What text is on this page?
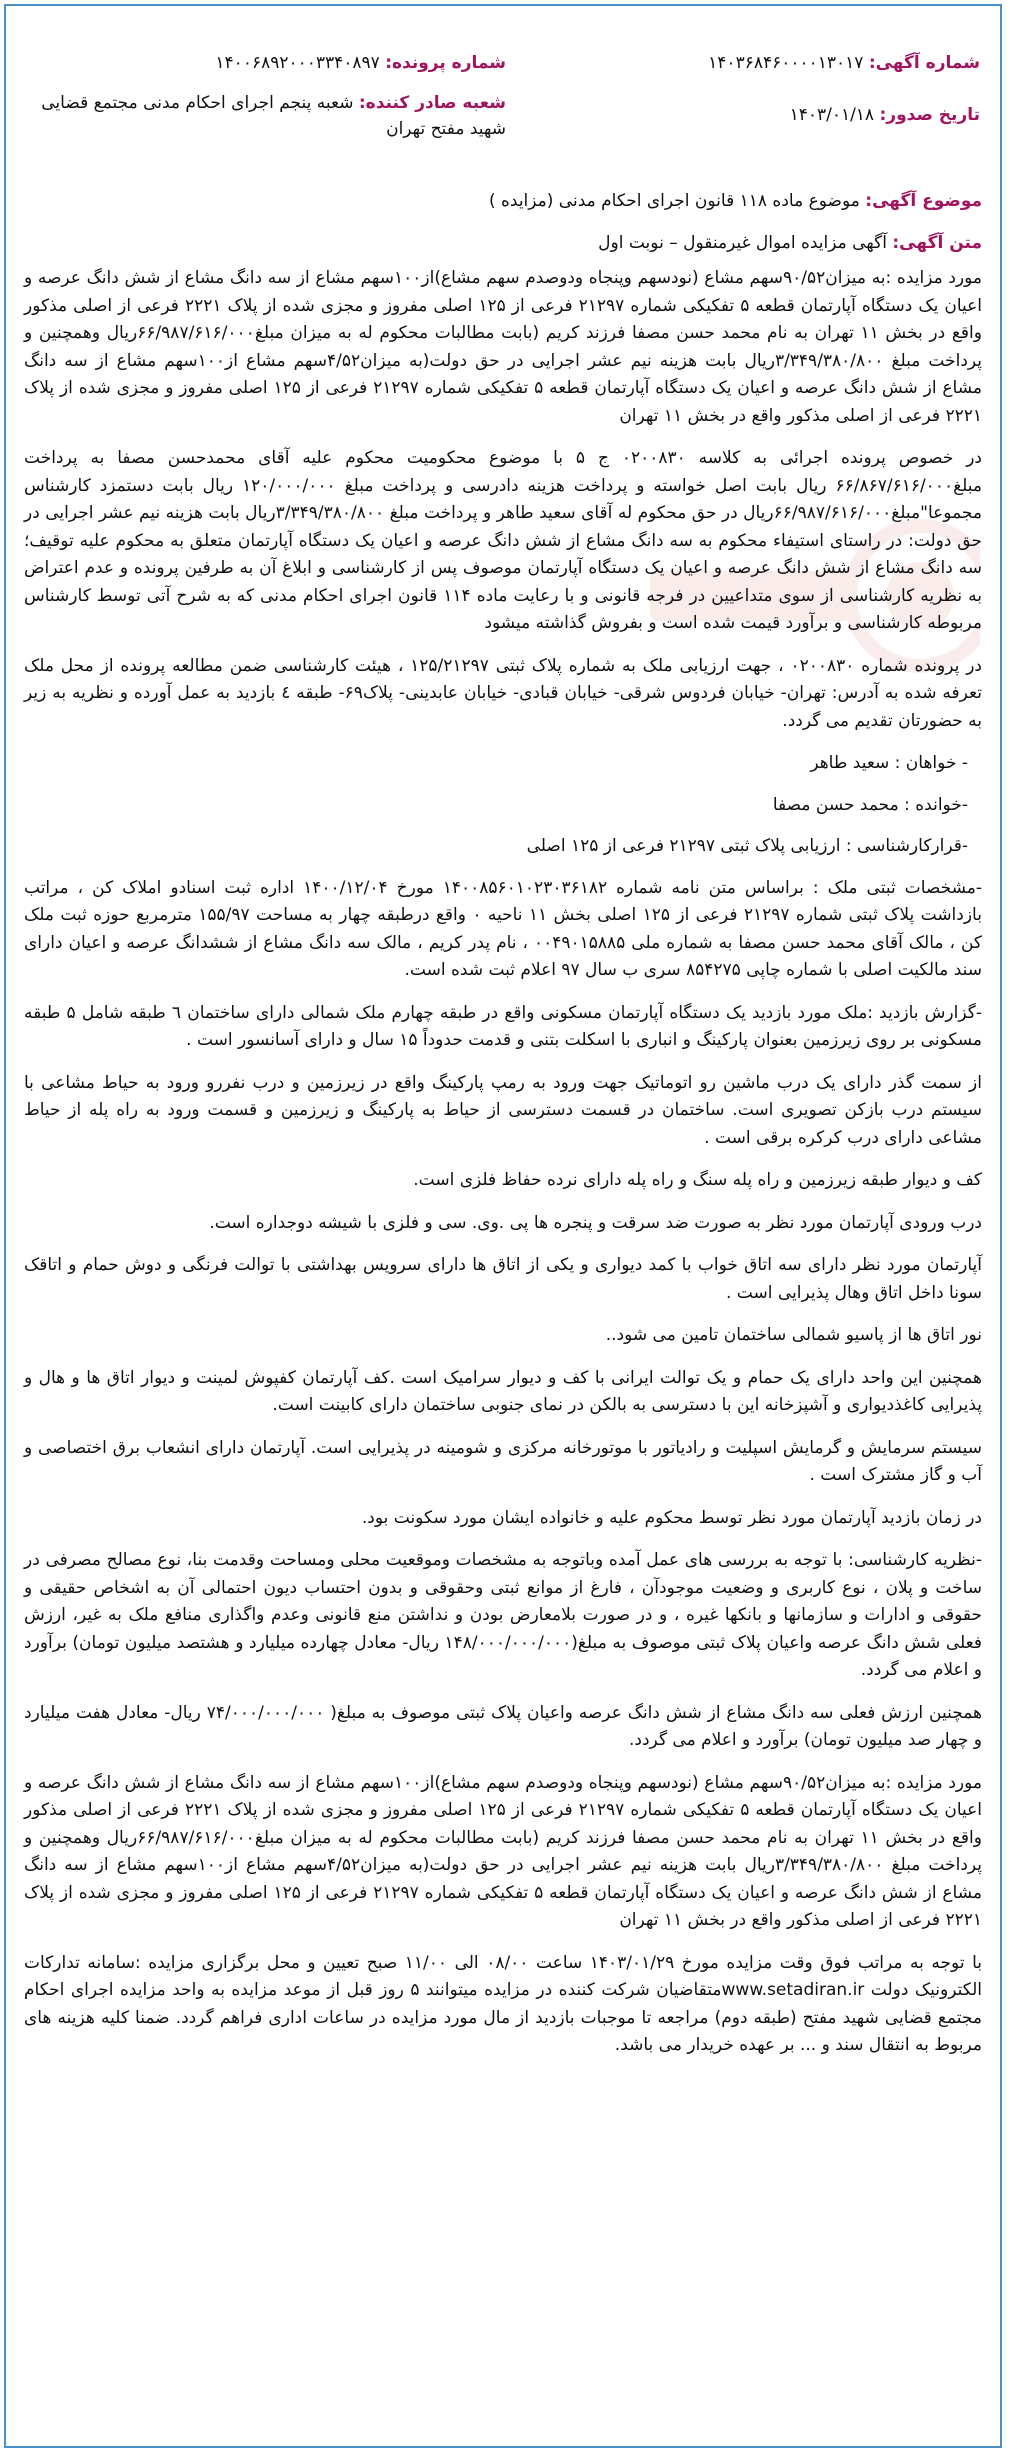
شماره آگهی: ۱۴۰۳۶۸۴۶۰۰۰۰۱۳۰۱۷
تاریخ صدور: ۱۴۰۳/۰۱/۱۸
شماره پرونده: ۱۴۰۰۶۸۹۲۰۰۰۳۳۴۰۸۹۷
شعبه صادر کننده: شعبه پنجم اجرای احکام مدنی مجتمع قضایی شهید مفتح تهران

موضوع آگهی: موضوع ماده ۱۱۸ قانون اجرای احکام مدنی (مزایده )

متن آگهی: آگهی مزایده اموال غیرمنقول – نوبت اول

مورد مزایده :به میزان۹۰/۵۲سهم مشاع (نودسهم وپنجاه ودوصدم سهم مشاع)از۱۰۰سهم مشاع از سه دانگ مشاع از شش دانگ عرصه و اعیان یک دستگاه آپارتمان قطعه ۵ تفکیکی شماره ۲۱۲۹۷ فرعی از ۱۲۵ اصلی مفروز و مجزی شده از پلاک ۲۲۲۱ فرعی از اصلی مذکور واقع در بخش ۱۱ تهران به نام محمد حسن مصفا فرزند کریم (بابت مطالبات محکوم له به میزان مبلغ۶۶/۹۸۷/۶۱۶/۰۰۰ریال وهمچنین و پرداخت مبلغ ۳/۳۴۹/۳۸۰/۸۰۰ریال بابت هزینه نیم عشر اجرایی در حق دولت(به میزان۴/۵۲سهم مشاع از۱۰۰سهم مشاع از سه دانگ مشاع از شش دانگ عرصه و اعیان یک دستگاه آپارتمان قطعه ۵ تفکیکی شماره ۲۱۲۹۷ فرعی از ۱۲۵ اصلی مفروز و مجزی شده از پلاک ۲۲۲۱ فرعی از اصلی مذکور واقع در بخش ۱۱ تهران

در خصوص پرونده اجرائی به کلاسه ۰۲۰۰۸۳۰ ج ۵ با موضوع محکومیت محکوم علیه آقای محمدحسن مصفا به پرداخت مبلغ۶۶/۸۶۷/۶۱۶/۰۰۰ ریال بابت اصل خواسته و پرداخت هزینه دادرسی و پرداخت مبلغ ۱۲۰/۰۰۰/۰۰۰ ریال بابت دستمزد کارشناس مجموعا"مبلغ۶۶/۹۸۷/۶۱۶/۰۰۰ریال در حق محکوم له آقای سعید طاهر و پرداخت مبلغ ۳/۳۴۹/۳۸۰/۸۰۰ریال بابت هزینه نیم عشر اجرایی در حق دولت: در راستای استیفاء محکوم به سه دانگ مشاع از شش دانگ عرصه و اعیان یک دستگاه آپارتمان متعلق به محکوم علیه توقیف؛ سه دانگ مشاع از شش دانگ عرصه و اعیان یک دستگاه آپارتمان موصوف پس از کارشناسی و ابلاغ آن به طرفین پرونده و عدم اعتراض به نظریه کارشناسی از سوی متداعیین در فرجه قانونی و با رعایت ماده ۱۱۴ قانون اجرای احکام مدنی که به شرح آتی توسط کارشناس مربوطه کارشناسی و برآورد قیمت شده است و بفروش گذاشته میشود

در پرونده شماره ۰۲۰۰۸۳۰ ، جهت ارزیابی ملک به شماره پلاک ثبتی ۱۲۵/۲۱۲۹۷ ، هیئت کارشناسی ضمن مطالعه پرونده از محل ملک تعرفه شده به آدرس: تهران- خیابان فردوس شرقی- خیابان قبادی- خیابان عابدینی- پلاک۶۹- طبقه ٤ بازدید به عمل آورده و نظریه به زیر به حضورتان تقدیم می گردد.

- خواهان : سعید طاهر

-خوانده : محمد حسن مصفا

-قرارکارشناسی : ارزیابی پلاک ثبتی ۲۱۲۹۷ فرعی از ۱۲۵ اصلی

-مشخصات ثبتی ملک : براساس متن نامه شماره ۱۴۰۰۸۵۶۰۱۰۲۳۰۳۶۱۸۲ مورخ ۱۴۰۰/۱۲/۰۴ اداره ثبت اسنادو املاک کن ، مراتب بازداشت پلاک ثبتی شماره ۲۱۲۹۷ فرعی از ۱۲۵ اصلی بخش ۱۱ ناحیه ۰ واقع درطبقه چهار به مساحت ۱۵۵/۹۷ مترمربع حوزه ثبت ملک کن ، مالک آقای محمد حسن مصفا به شماره ملی ۰۰۴۹۰۱۵۸۸۵ ، نام پدر کریم ، مالک سه دانگ مشاع از ششدانگ عرصه و اعیان دارای سند مالکیت اصلی با شماره چاپی ۸۵۴۲۷۵ سری ب سال ۹۷ اعلام ثبت شده است.

-گزارش بازدید :ملک مورد بازدید یک دستگاه آپارتمان مسکونی واقع در طبقه چهارم ملک شمالی دارای ساختمان ٦ طبقه شامل ۵ طبقه مسکونی بر روی زیرزمین بعنوان پارکینگ و انباری با اسکلت بتنی و قدمت حدوداً ۱۵ سال و دارای آسانسور است .

از سمت گذر دارای یک درب ماشین رو اتوماتیک جهت ورود به رمپ پارکینگ واقع در زیرزمین و درب نفررو ورود به حیاط مشاعی با سیستم درب بازکن تصویری است. ساختمان در قسمت دسترسی از حیاط به پارکینگ و زیرزمین و قسمت ورود به راه پله از حیاط مشاعی دارای درب کرکره برقی است .

کف و دیوار طبقه زیرزمین و راه پله سنگ و راه پله دارای نرده حفاظ فلزی است.

درب ورودی آپارتمان مورد نظر به صورت ضد سرقت و پنجره ها پی .وی. سی و فلزی با شیشه دوجداره است.

آپارتمان مورد نظر دارای سه اتاق خواب با کمد دیواری و یکی از اتاق ها دارای سرویس بهداشتی با توالت فرنگی و دوش حمام و اتاقک سونا داخل اتاق وهال پذیرایی است .

نور اتاق ها از پاسیو شمالی ساختمان تامین می شود..

همچنین این واحد دارای یک حمام و یک توالت ایرانی با کف و دیوار سرامیک است .کف آپارتمان کفپوش لمینت و دیوار اتاق ها و هال و پذیرایی کاغذدیواری و آشپزخانه این با دسترسی به بالکن در نمای جنوبی ساختمان دارای کابینت است.

سیستم سرمایش و گرمایش اسپلیت و رادیاتور با موتورخانه مرکزی و شومینه در پذیرایی است. آپارتمان دارای انشعاب برق اختصاصی و آب و گاز مشترک است .

در زمان بازدید آپارتمان مورد نظر توسط محکوم علیه و خانواده ایشان مورد سکونت بود.

-نظریه کارشناسی: با توجه به بررسی های عمل آمده وباتوجه به مشخصات وموقعیت محلی ومساحت وقدمت بنا، نوع مصالح مصرفی در ساخت و پلان ، نوع کاربری و وضعیت موجودآن ، فارغ از موانع ثبتی وحقوقی و بدون احتساب دیون احتمالی آن به اشخاص حقیقی و حقوقی و ادارات و سازمانها و بانکها غیره ، و در صورت بلامعارض بودن و نداشتن منع قانونی وعدم واگذاری منافع ملک به غیر، ارزش فعلی شش دانگ عرصه واعیان پلاک ثبتی موصوف به مبلغ(۱۴۸/۰۰۰/۰۰۰/۰۰۰ ریال- معادل چهارده میلیارد و هشتصد میلیون تومان) برآورد و اعلام می گردد.

همچنین ارزش فعلی سه دانگ مشاع از شش دانگ عرصه واعیان پلاک ثبتی موصوف به مبلغ( ۷۴/۰۰۰/۰۰۰/۰۰۰ ریال- معادل هفت میلیارد و چهار صد میلیون تومان) برآورد و اعلام می گردد.

مورد مزایده :به میزان۹۰/۵۲سهم مشاع (نودسهم وپنجاه ودوصدم سهم مشاع)از۱۰۰سهم مشاع از سه دانگ مشاع از شش دانگ عرصه و اعیان یک دستگاه آپارتمان قطعه ۵ تفکیکی شماره ۲۱۲۹۷ فرعی از ۱۲۵ اصلی مفروز و مجزی شده از پلاک ۲۲۲۱ فرعی از اصلی مذکور واقع در بخش ۱۱ تهران به نام محمد حسن مصفا فرزند کریم (بابت مطالبات محکوم له به میزان مبلغ۶۶/۹۸۷/۶۱۶/۰۰۰ریال وهمچنین و پرداخت مبلغ ۳/۳۴۹/۳۸۰/۸۰۰ریال بابت هزینه نیم عشر اجرایی در حق دولت(به میزان۴/۵۲سهم مشاع از۱۰۰سهم مشاع از سه دانگ مشاع از شش دانگ عرصه و اعیان یک دستگاه آپارتمان قطعه ۵ تفکیکی شماره ۲۱۲۹۷ فرعی از ۱۲۵ اصلی مفروز و مجزی شده از پلاک ۲۲۲۱ فرعی از اصلی مذکور واقع در بخش ۱۱ تهران

با توجه به مراتب فوق وقت مزایده مورخ ۱۴۰۳/۰۱/۲۹ ساعت ۰۸/۰۰ الی ۱۱/۰۰ صبح تعیین و محل برگزاری مزایده :سامانه تدارکات الکترونیک دولت www.setadiran.irمتقاضیان شرکت کننده در مزایده میتوانند ۵ روز قبل از موعد مزایده به واحد مزایده اجرای احکام مجتمع قضایی شهید مفتح (طبقه دوم) مراجعه تا موجبات بازدید از مال مورد مزایده در ساعات اداری فراهم گردد. ضمنا کلیه هزینه های مربوط به انتقال سند و ... بر عهده خریدار می باشد.
